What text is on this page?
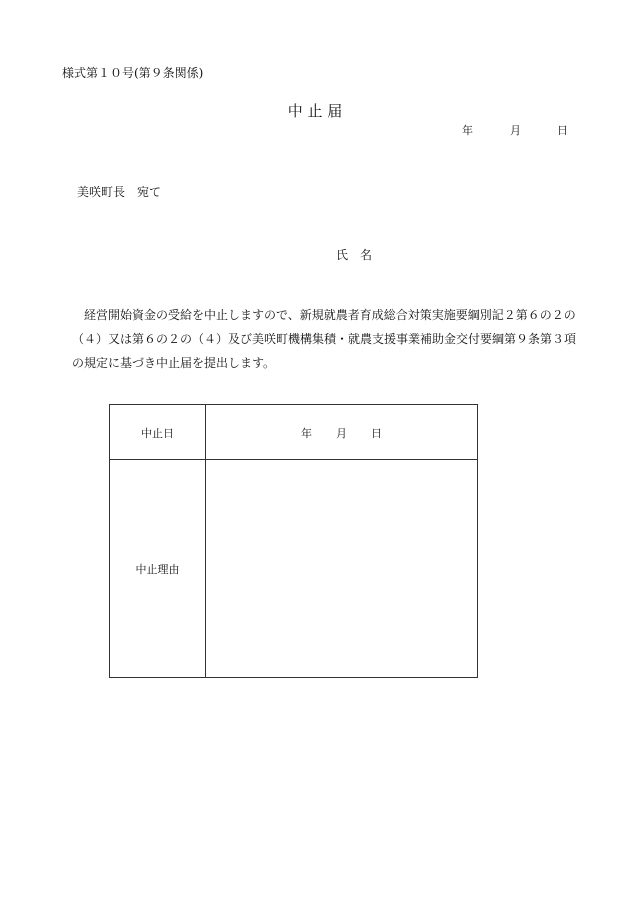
様式第１０号(第９条関係)
中 止 届
年	月	日
美咲町長　宛て
氏　名
　経営開始資金の受給を中止しますので、新規就農者育成総合対策実施要綱別記２第６の２の
（４）又は第６の２の（４）及び美咲町機構集積・就農支援事業補助金交付要綱第９条第３項
の規定に基づき中止届を提出します。
中止日	年 月 日
中止理由
